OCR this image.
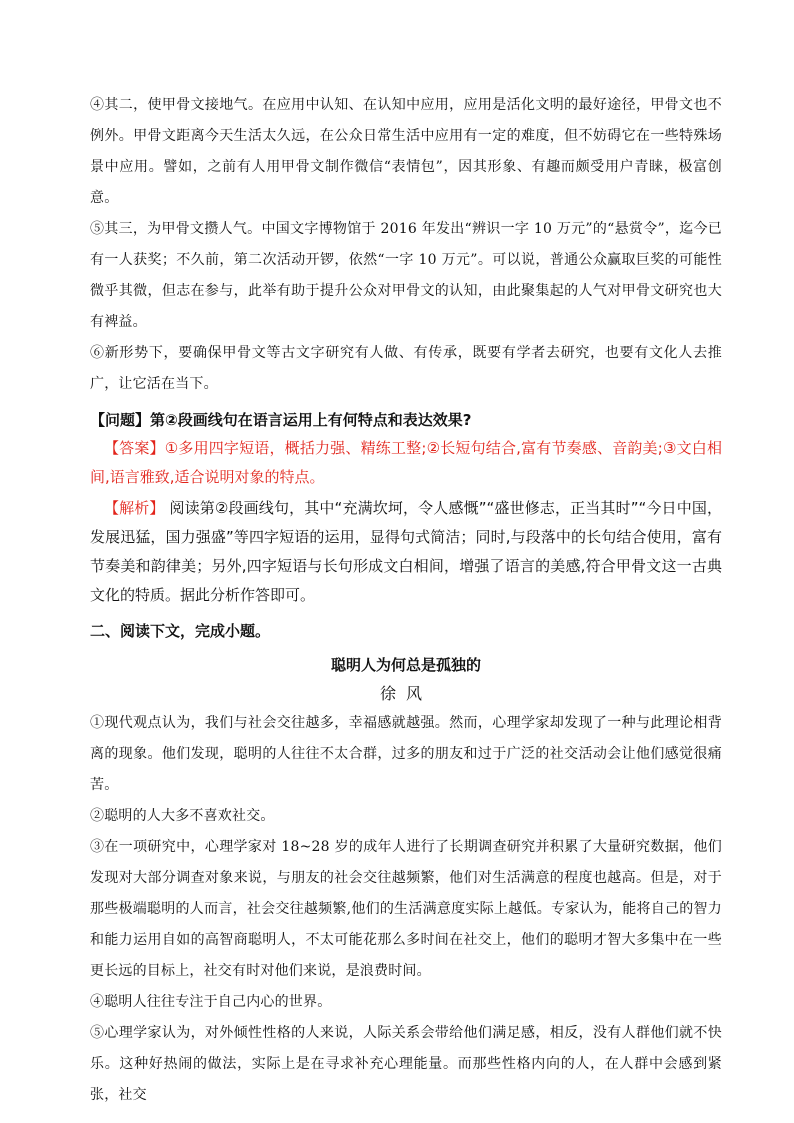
④其二，使甲骨文接地气。在应用中认知、在认知中应用，应用是活化文明的最好途径，甲骨文也不例外。甲骨文距离今天生活太久远，在公众日常生活中应用有一定的难度，但不妨碍它在一些特殊场景中应用。譬如，之前有人用甲骨文制作微信“表情包”，因其形象、有趣而颇受用户青睐，极富创意。

⑤其三，为甲骨文攒人气。中国文字博物馆于 2016 年发出“辨识一字 10 万元”的“悬赏令”，迄今已有一人获奖；不久前，第二次活动开锣，依然“一字 10 万元”。可以说，普通公众赢取巨奖的可能性微乎其微，但志在参与，此举有助于提升公众对甲骨文的认知，由此聚集起的人气对甲骨文研究也大有裨益。

⑥新形势下，要确保甲骨文等古文字研究有人做、有传承，既要有学者去研究，也要有文化人去推广，让它活在当下。

【问题】第②段画线句在语言运用上有何特点和表达效果?

【答案】①多用四字短语，概括力强、精练工整;②长短句结合,富有节奏感、音韵美;③文白相间,语言雅致,适合说明对象的特点。

【解析】 阅读第②段画线句，其中“充满坎坷，令人感慨”“盛世修志，正当其时”“今日中国，发展迅猛，国力强盛”等四字短语的运用，显得句式简洁；同时,与段落中的长句结合使用，富有节奏美和韵律美；另外,四字短语与长句形成文白相间，增强了语言的美感,符合甲骨文这一古典文化的特质。据此分析作答即可。

二、阅读下文，完成小题。

聪明人为何总是孤独的

徐风

①现代观点认为，我们与社会交往越多，幸福感就越强。然而，心理学家却发现了一种与此理论相背离的现象。他们发现，聪明的人往往不太合群，过多的朋友和过于广泛的社交活动会让他们感觉很痛苦。

②聪明的人大多不喜欢社交。

③在一项研究中，心理学家对 18~28 岁的成年人进行了长期调查研究并积累了大量研究数据，他们发现对大部分调查对象来说，与朋友的社会交往越频繁，他们对生活满意的程度也越高。但是，对于那些极端聪明的人而言，社会交往越频繁,他们的生活满意度实际上越低。专家认为，能将自己的智力和能力运用自如的高智商聪明人，不太可能花那么多时间在社交上，他们的聪明才智大多集中在一些更长远的目标上，社交有时对他们来说，是浪费时间。

④聪明人往往专注于自己内心的世界。

⑤心理学家认为，对外倾性性格的人来说，人际关系会带给他们满足感，相反，没有人群他们就不快乐。这种好热闹的做法，实际上是在寻求补充心理能量。而那些性格内向的人，在人群中会感到紧张，社交
